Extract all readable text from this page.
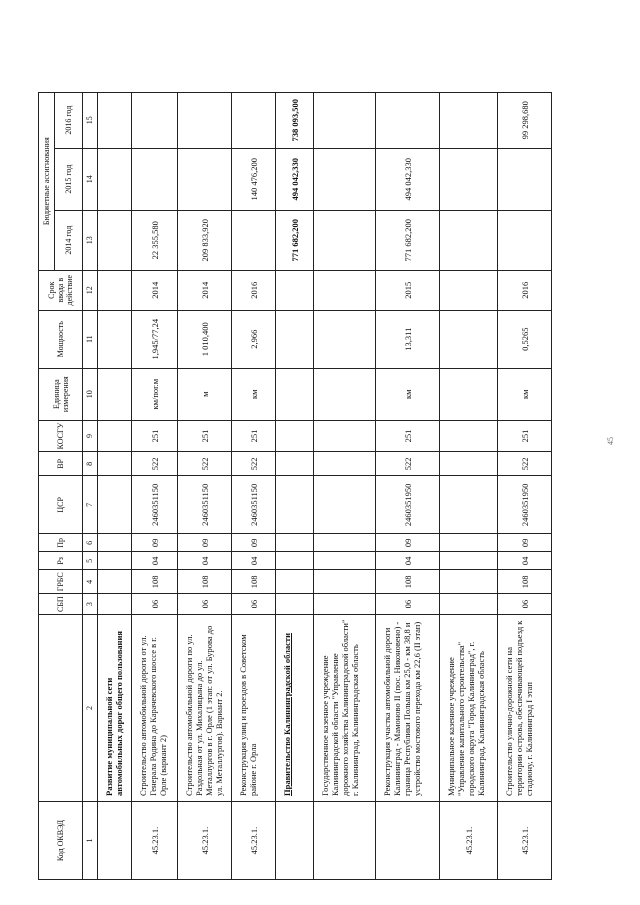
45
Код ОКВЭД		СБП	ГРБС	Рз	Пр	ЦСР	ВР	КОСГУ	Единица измерения	Мощность	Срок ввода в действие	Бюджетные ассигнования		
												2014 год	2015 год	2016 год
1	2	3	4	5	6	7	8	9	10	11	12	13	14	15
	Развитие муниципальной сети автомобильных дорог общего пользования													
45.23.1.	Строительство автомобильной дороги от ул. Генерала Родина до Карачевского шоссе в г. Орле (вариант 2)	06	108	04	09	2460351150	522	251	км/пог.м	1,945/77,24	2014	22 355,580		
45.23.1.	Строительство автомобильной дороги по ул. Раздольная от ул. Михалицына до ул. Металлургов в г. Орле (1 этап: от ул. Бурова до ул. Металлургов). Вариант 2.	06	108	04	09	2460351150	522	251	м	1 010,400	2014	209 833,920		
45.23.1.	Реконструкция улиц и проездов в Советском районе г. Орла	06	108	04	09	2460351150	522	251	км	2,966	2016		140 476,200	
	Правительство Калининградской области											771 682,200	494 042,330	738 093,500
	Государственное казенное учреждение Калининградской области "Управление дорожного хозяйства Калининградской области" г. Калининград, Калининградская область													
	Реконструкция участка автомобильной дороги Калининград - Мамоново II (пос. Никоновено) - граница Республики Польша км 25,0 - км 38,8 и устройство мостового перехода км 22,6 (II этап)	06	108	04	09	2460351950	522	251	км	13,311	2015	771 682,200	494 042,330	
45.23.1.	Муниципальное казенное учреждение "Управление капитального строительства" городского округа "Город Калининград", г. Калининград, Калининградская область													
45.23.1.	Строительство улично-дорожной сети на территории острова, обеспечивающей подъезд к стадиону, г. Калининград I этап	06	108	04	09	2460351950	522	251	км	0,5265	2016			99 298,680
